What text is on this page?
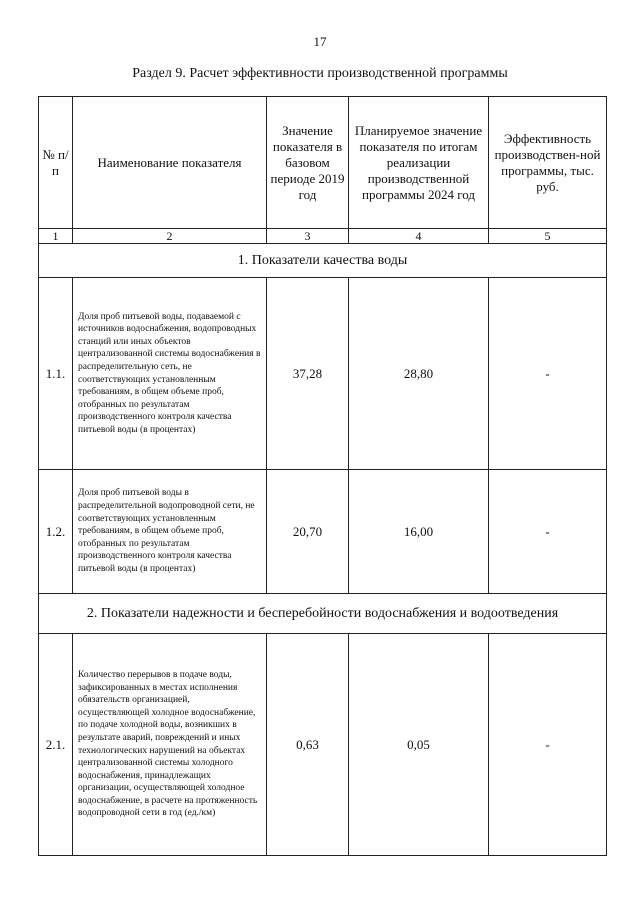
17
Раздел 9. Расчет эффективности производственной программы
№ п/п	Наименование показателя	Значение показателя в базовом периоде 2019 год	Планируемое значение показателя по итогам реализации производственной программы 2024 год	Эффективность производствен-ной программы, тыс. руб.
1	2	3	4	5
1. Показатели качества воды				
1.1.	Доля проб питьевой воды, подаваемой с источников водоснабжения, водопроводных станций или иных объектов централизованной системы водоснабжения в распределительную сеть, не соответствующих установленным требованиям, в общем объеме проб, отобранных по результатам производственного контроля качества питьевой воды (в процентах)	37,28	28,80	-
1.2.	Доля проб питьевой воды в распределительной водопроводной сети, не соответствующих установленным требованиям, в общем объеме проб, отобранных по результатам производственного контроля качества питьевой воды (в процентах)	20,70	16,00	-
2. Показатели надежности и бесперебойности водоснабжения и водоотведения				
2.1.	Количество перерывов в подаче воды, зафиксированных в местах исполнения обязательств организацией, осуществляющей холодное водоснабжение, по подаче холодной воды, возникших в результате аварий, повреждений и иных технологических нарушений на объектах централизованной системы холодного водоснабжения, принадлежащих организации, осуществляющей холодное водоснабжение, в расчете на протяженность водопроводной сети в год (ед./км)	0,63	0,05	-
